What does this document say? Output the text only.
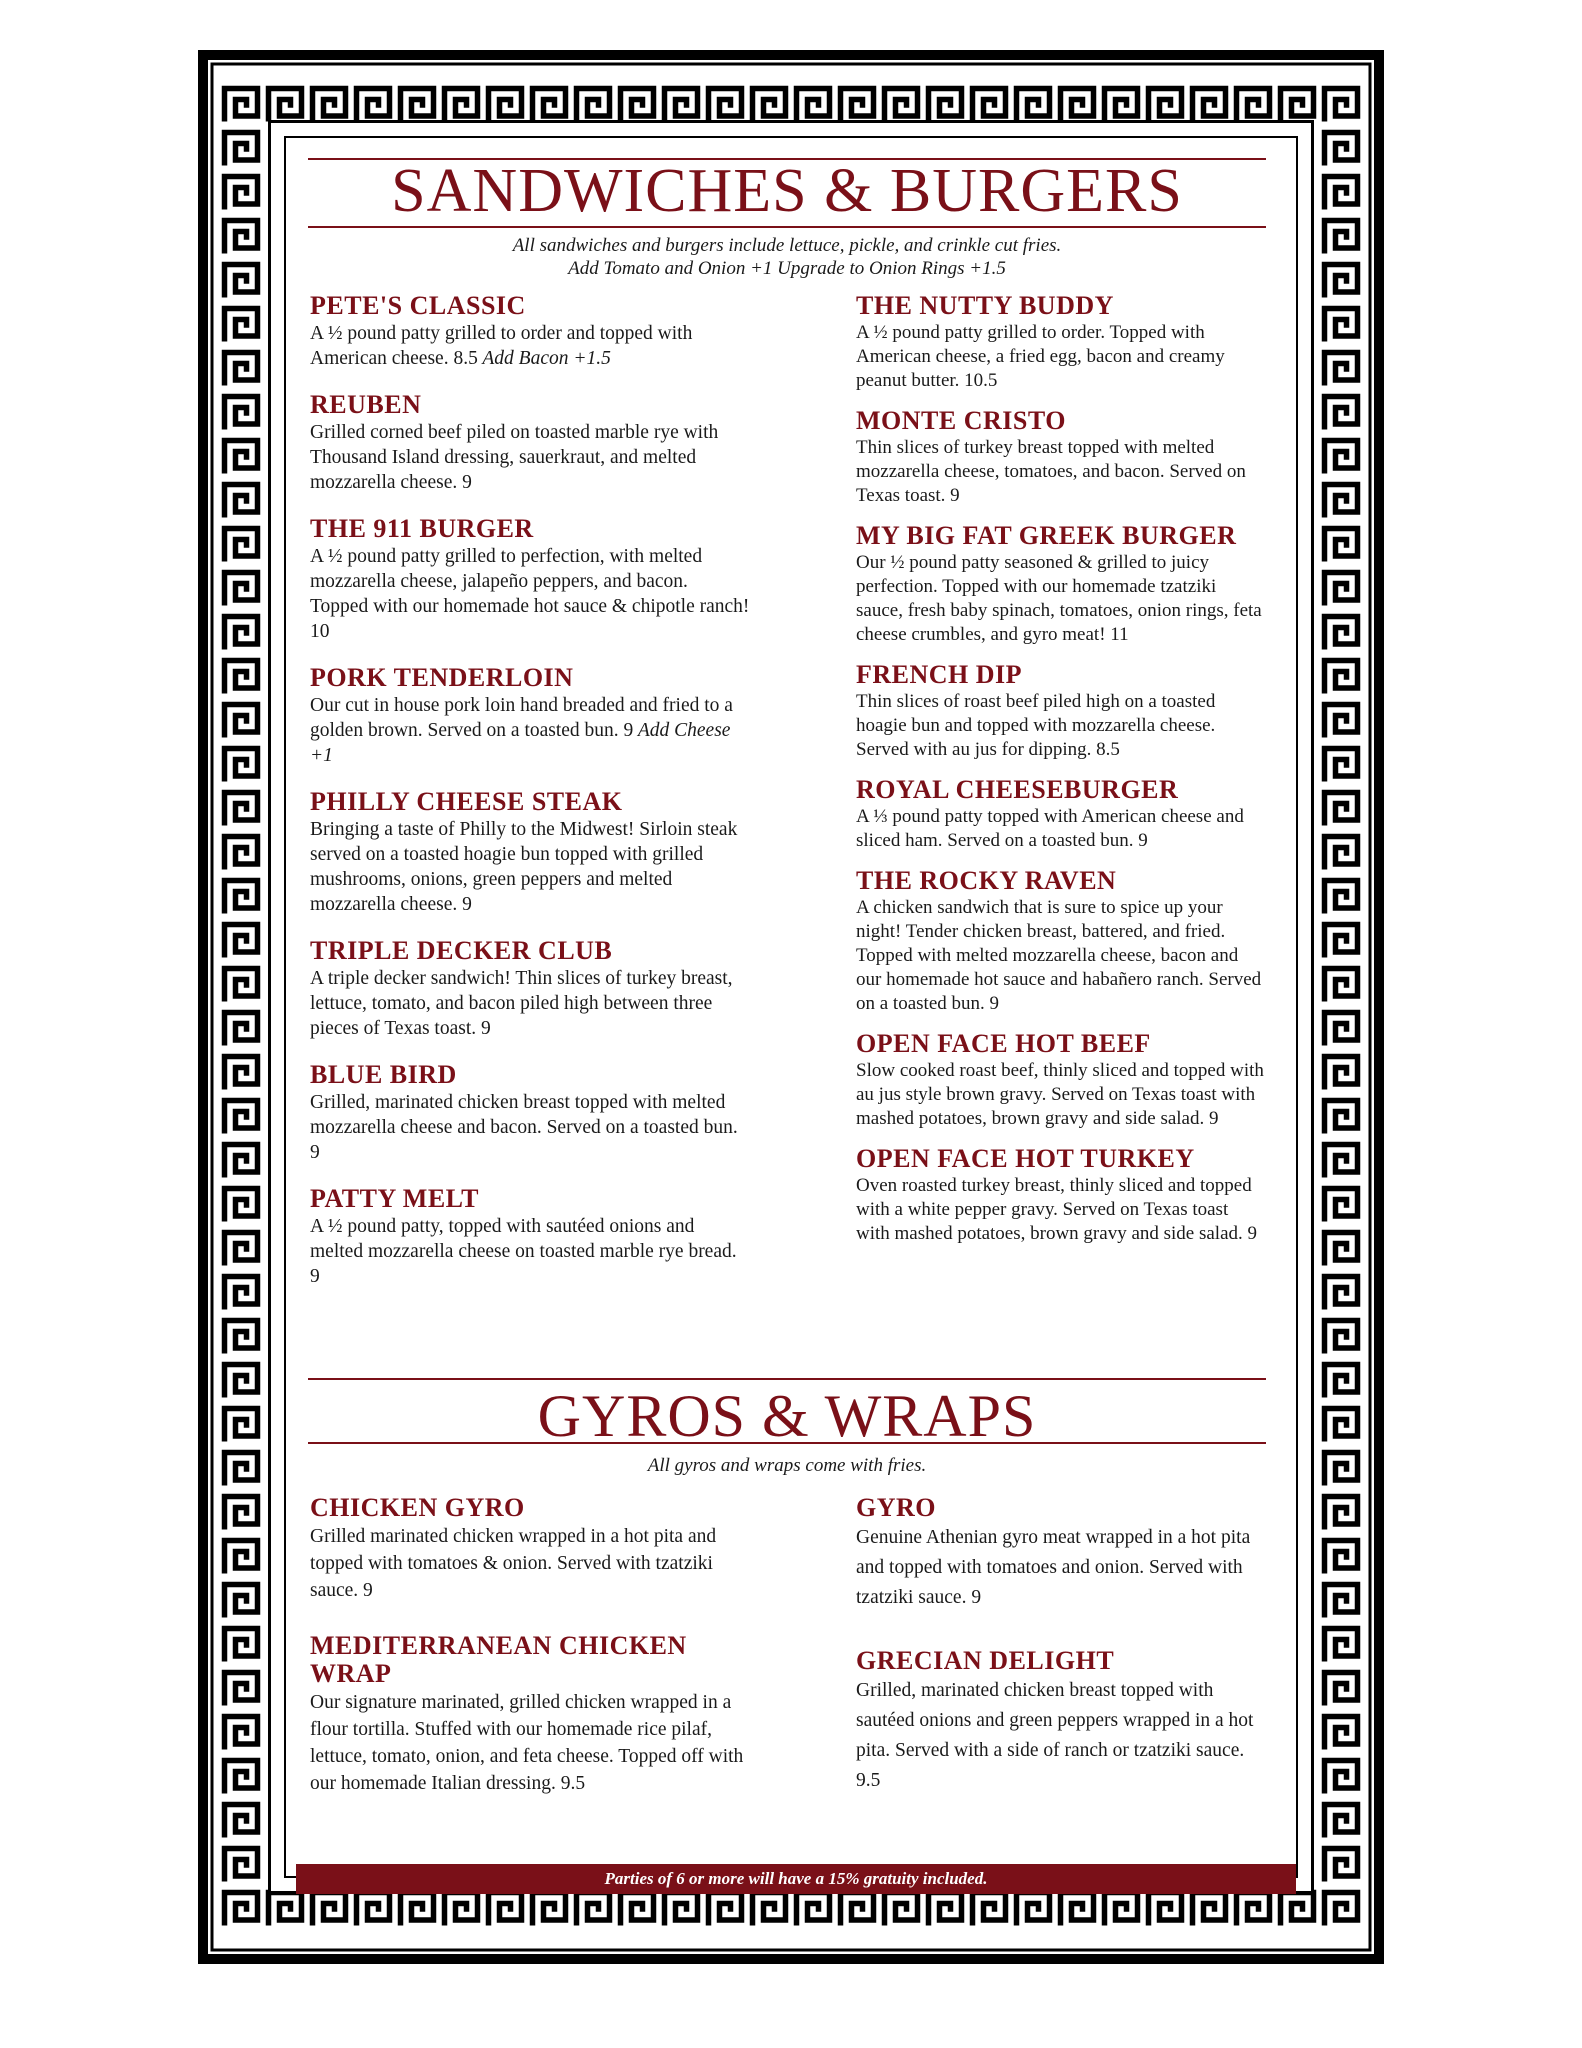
SANDWICHES & BURGERS
All sandwiches and burgers include lettuce, pickle, and crinkle cut fries.
Add Tomato and Onion +1 Upgrade to Onion Rings +1.5
PETE'S CLASSIC
A ½ pound patty grilled to order and topped with American cheese. 8.5 Add Bacon +1.5
REUBEN
Grilled corned beef piled on toasted marble rye with Thousand Island dressing, sauerkraut, and melted mozzarella cheese. 9
THE 911 BURGER
A ½ pound patty grilled to perfection, with melted mozzarella cheese, jalapeño peppers, and bacon. Topped with our homemade hot sauce & chipotle ranch! 10
PORK TENDERLOIN
Our cut in house pork loin hand breaded and fried to a golden brown. Served on a toasted bun. 9 Add Cheese +1
PHILLY CHEESE STEAK
Bringing a taste of Philly to the Midwest! Sirloin steak served on a toasted hoagie bun topped with grilled mushrooms, onions, green peppers and melted mozzarella cheese. 9
TRIPLE DECKER CLUB
A triple decker sandwich! Thin slices of turkey breast, lettuce, tomato, and bacon piled high between three pieces of Texas toast. 9
BLUE BIRD
Grilled, marinated chicken breast topped with melted mozzarella cheese and bacon. Served on a toasted bun. 9
PATTY MELT
A ½ pound patty, topped with sautéed onions and melted mozzarella cheese on toasted marble rye bread. 9
THE NUTTY BUDDY
A ½ pound patty grilled to order. Topped with American cheese, a fried egg, bacon and creamy peanut butter. 10.5
MONTE CRISTO
Thin slices of turkey breast topped with melted mozzarella cheese, tomatoes, and bacon. Served on Texas toast. 9
MY BIG FAT GREEK BURGER
Our ½ pound patty seasoned & grilled to juicy perfection. Topped with our homemade tzatziki sauce, fresh baby spinach, tomatoes, onion rings, feta cheese crumbles, and gyro meat! 11
FRENCH DIP
Thin slices of roast beef piled high on a toasted hoagie bun and topped with mozzarella cheese. Served with au jus for dipping. 8.5
ROYAL CHEESEBURGER
A ⅓ pound patty topped with American cheese and sliced ham. Served on a toasted bun. 9
THE ROCKY RAVEN
A chicken sandwich that is sure to spice up your night! Tender chicken breast, battered, and fried. Topped with melted mozzarella cheese, bacon and our homemade hot sauce and habañero ranch. Served on a toasted bun. 9
OPEN FACE HOT BEEF
Slow cooked roast beef, thinly sliced and topped with au jus style brown gravy. Served on Texas toast with mashed potatoes, brown gravy and side salad. 9
OPEN FACE HOT TURKEY
Oven roasted turkey breast, thinly sliced and topped with a white pepper gravy. Served on Texas toast with mashed potatoes, brown gravy and side salad. 9
GYROS & WRAPS
All gyros and wraps come with fries.
CHICKEN GYRO
Grilled marinated chicken wrapped in a hot pita and topped with tomatoes & onion. Served with tzatziki sauce. 9
MEDITERRANEAN CHICKEN WRAP
Our signature marinated, grilled chicken wrapped in a flour tortilla. Stuffed with our homemade rice pilaf, lettuce, tomato, onion, and feta cheese. Topped off with our homemade Italian dressing. 9.5
GYRO
Genuine Athenian gyro meat wrapped in a hot pita and topped with tomatoes and onion. Served with tzatziki sauce. 9
GRECIAN DELIGHT
Grilled, marinated chicken breast topped with sautéed onions and green peppers wrapped in a hot pita. Served with a side of ranch or tzatziki sauce. 9.5
Parties of 6 or more will have a 15% gratuity included.
